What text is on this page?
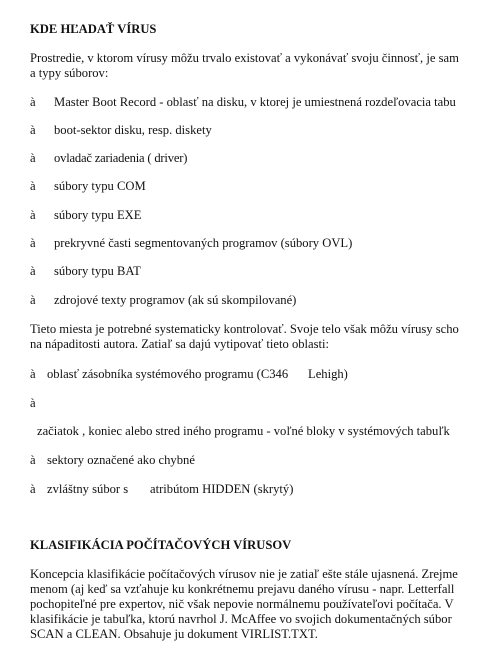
KDE HĽADAŤ VÍRUS
Prostredie, v ktorom vírusy môžu trvalo existovať a vykonávať svoju činnosť, je sam
a typy súborov:
à Master Boot Record - oblasť na disku, v ktorej je umiestnená rozdeľovacia tabu
à boot-sektor disku, resp. diskety
à ovladač zariadenia ( driver)
à súbory typu COM
à súbory typu EXE
à prekryvné časti segmentovaných programov (súbory OVL)
à súbory typu BAT
à zdrojové texty programov (ak sú skompilované)
Tieto miesta je potrebné systematicky kontrolovať. Svoje telo však môžu vírusy scho
na nápaditosti autora. Zatiaľ sa dajú vytipovať tieto oblasti:
à oblasť zásobníka systémového programu (C346 Lehigh)
à
začiatok , koniec alebo stred iného programu - voľné bloky v systémových tabuľk
à sektory označené ako chybné
à zvláštny súbor s atribútom HIDDEN (skrytý)
KLASIFIKÁCIA POČÍTAČOVÝCH VÍRUSOV
Koncepcia klasifikácie počítačových vírusov nie je zatiaľ ešte stále ujasnená. Zrejme
menom (aj keď sa vzťahuje ku konkrétnemu prejavu daného vírusu - napr. Letterfall
pochopiteľné pre expertov, nič však nepovie normálnemu používateľovi počítača. V
klasifikácie je tabuľka, ktorú navrhol J. McAffee vo svojich dokumentačných súbor
SCAN a CLEAN. Obsahuje ju dokument VIRLIST.TXT.
